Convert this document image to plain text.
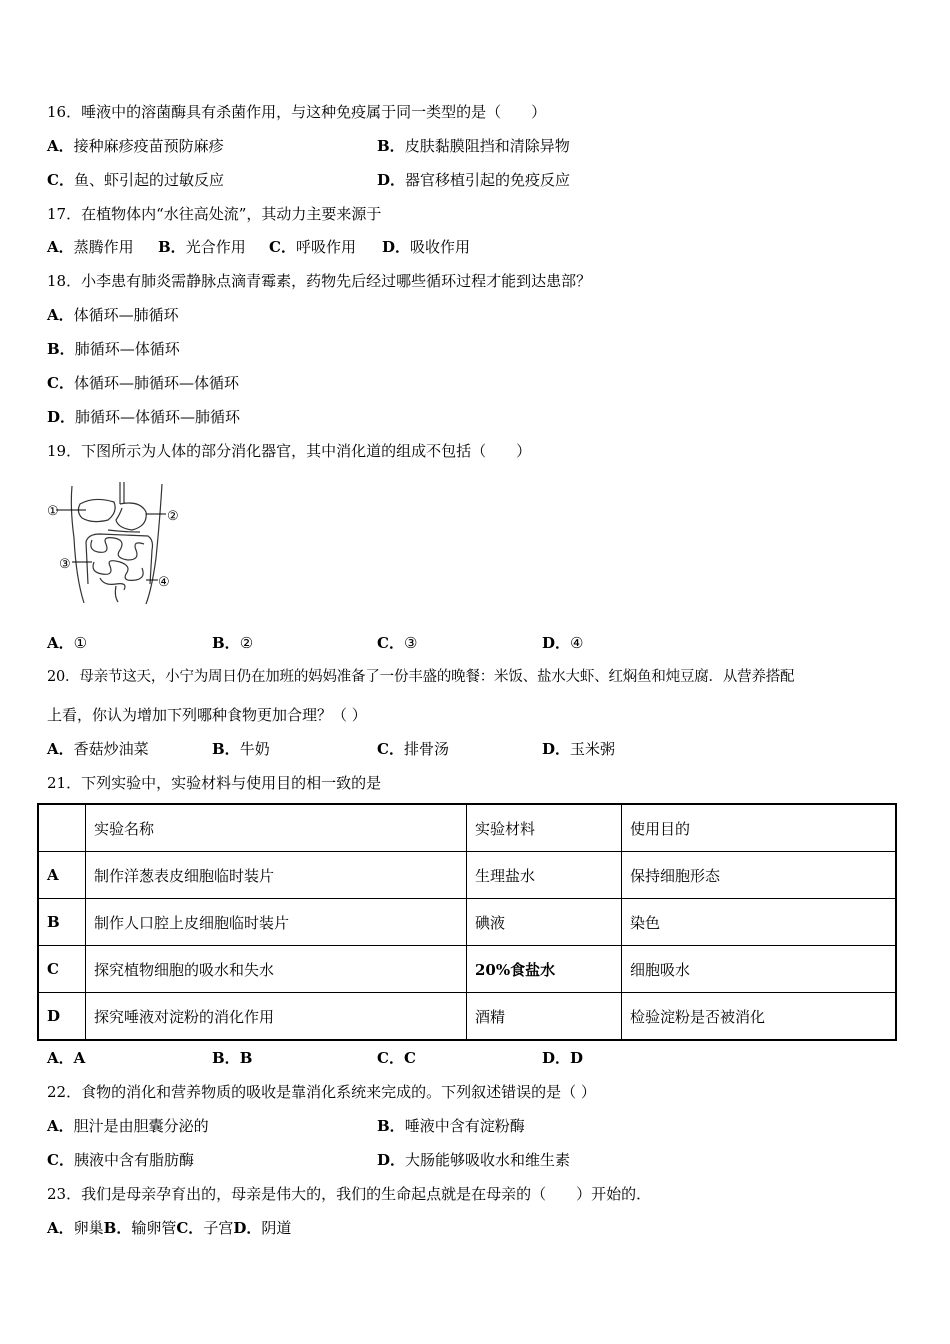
16．唾液中的溶菌酶具有杀菌作用，与这种免疫属于同一类型的是（　　）
A．接种麻疹疫苗预防麻疹	B．皮肤黏膜阻挡和清除异物
C．鱼、虾引起的过敏反应	D．器官移植引起的免疫反应
17．在植物体内“水往高处流”，其动力主要来源于
A．蒸腾作用 B．光合作用 C．呼吸作用 D．吸收作用
18．小李患有肺炎需静脉点滴青霉素，药物先后经过哪些循环过程才能到达患部？
A．体循环—肺循环
B．肺循环—体循环
C．体循环—肺循环—体循环
D．肺循环—体循环—肺循环
19．下图所示为人体的部分消化器官，其中消化道的组成不包括（　　）
①	②
③
④
A．①	B．②	C．③	D．④
20．母亲节这天，小宁为周日仍在加班的妈妈准备了一份丰盛的晚餐：米饭、盐水大虾、红焖鱼和炖豆腐．从营养搭配
上看，你认为增加下列哪种食物更加合理？（ ）
A．香菇炒油菜	B．牛奶	C．排骨汤	D．玉米粥
21．下列实验中，实验材料与使用目的相一致的是
	实验名称	实验材料	使用目的
A	制作洋葱表皮细胞临时装片	生理盐水	保持细胞形态
B	制作人口腔上皮细胞临时装片	碘液	染色
C	探究植物细胞的吸水和失水	20%食盐水	细胞吸水
D	探究唾液对淀粉的消化作用	酒精	检验淀粉是否被消化
A．A	B．B	C．C	D．D
22．食物的消化和营养物质的吸收是靠消化系统来完成的。下列叙述错误的是（ ）
A．胆汁是由胆囊分泌的	B．唾液中含有淀粉酶
C．胰液中含有脂肪酶	D．大肠能够吸收水和维生素
23．我们是母亲孕育出的，母亲是伟大的，我们的生命起点就是在母亲的（　　）开始的．
A．卵巢B．输卵管C．子宫D．阴道
